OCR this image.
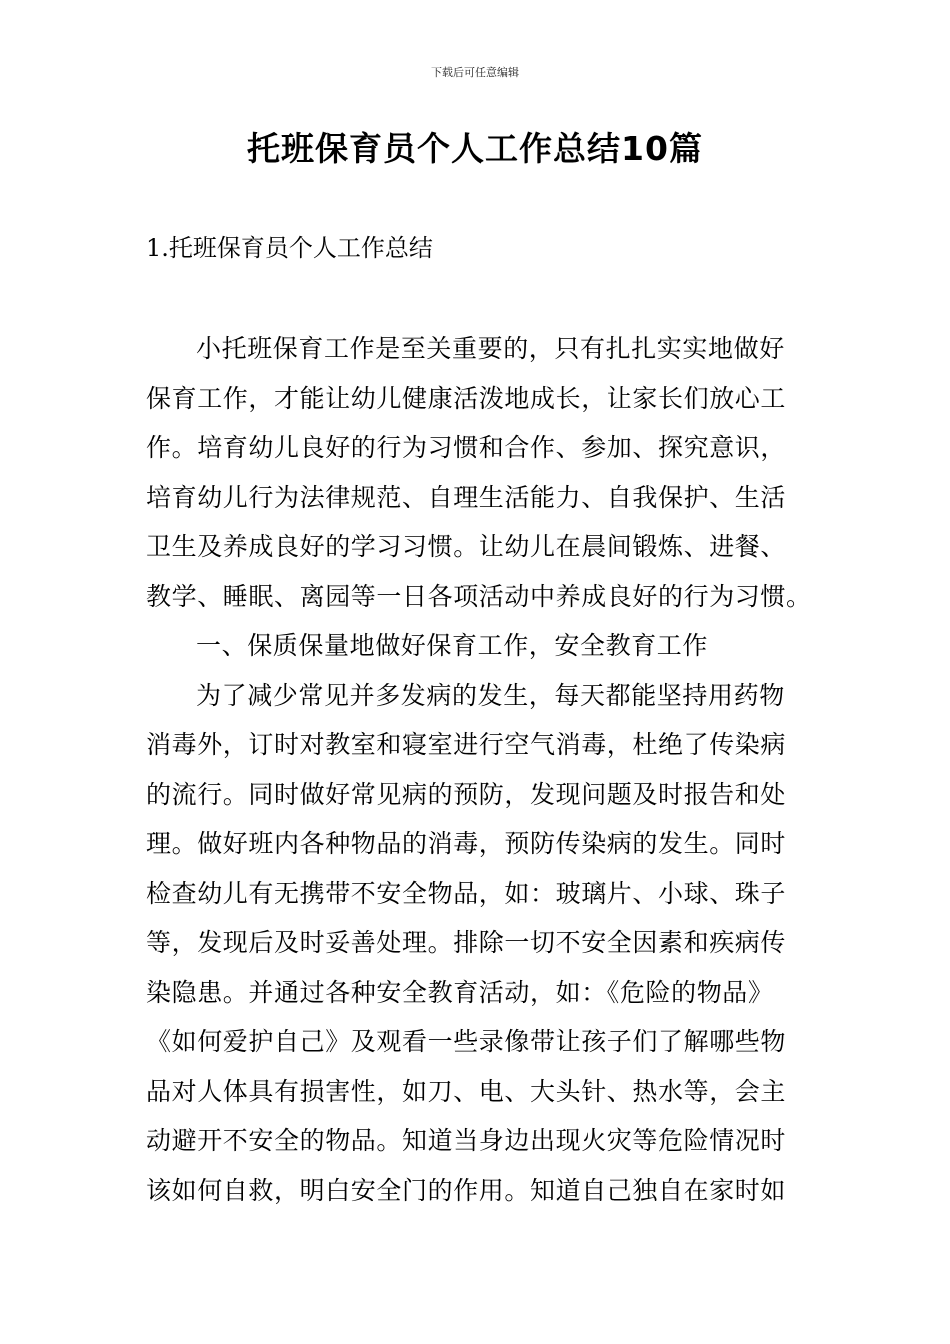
下载后可任意编辑
托班保育员个人工作总结10篇
1.托班保育员个人工作总结
小托班保育工作是至关重要的，只有扎扎实实地做好
保育工作，才能让幼儿健康活泼地成长，让家长们放心工
作。培育幼儿良好的行为习惯和合作、参加、探究意识，
培育幼儿行为法律规范、自理生活能力、自我保护、生活
卫生及养成良好的学习习惯。让幼儿在晨间锻炼、进餐、
教学、睡眠、离园等一日各项活动中养成良好的行为习惯。
一、保质保量地做好保育工作，安全教育工作
为了减少常见并多发病的发生，每天都能坚持用药物
消毒外，订时对教室和寝室进行空气消毒，杜绝了传染病
的流行。同时做好常见病的预防，发现问题及时报告和处
理。做好班内各种物品的消毒，预防传染病的发生。同时
检查幼儿有无携带不安全物品，如：玻璃片、小球、珠子
等，发现后及时妥善处理。排除一切不安全因素和疾病传
染隐患。并通过各种安全教育活动，如：《危险的物品》
《如何爱护自己》及观看一些录像带让孩子们了解哪些物
品对人体具有损害性，如刀、电、大头针、热水等，会主
动避开不安全的物品。知道当身边出现火灾等危险情况时
该如何自救，明白安全门的作用。知道自己独自在家时如
